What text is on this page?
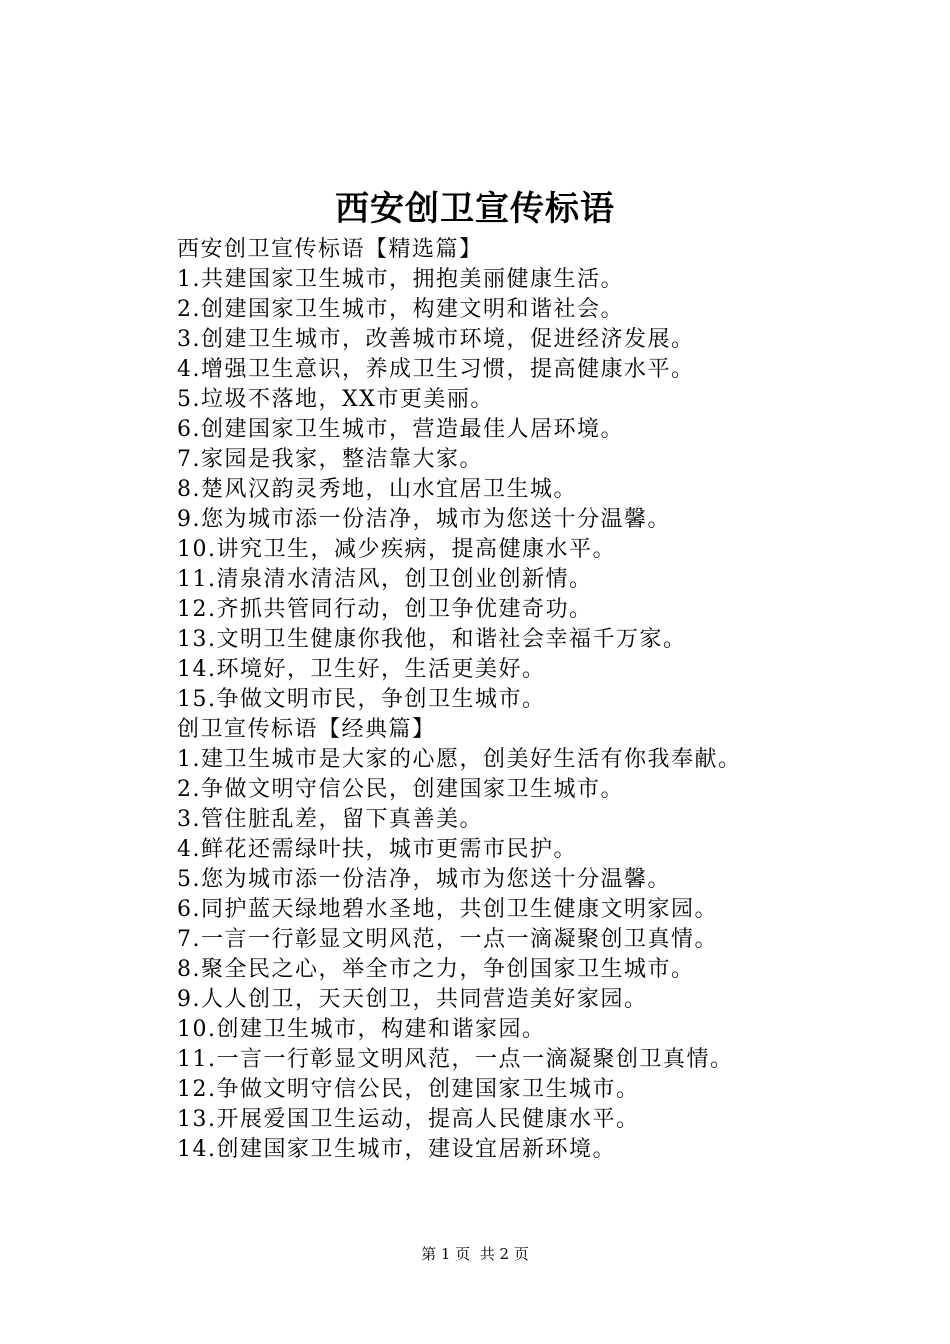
西安创卫宣传标语
西安创卫宣传标语【精选篇】
1.共建国家卫生城市，拥抱美丽健康生活。
2.创建国家卫生城市，构建文明和谐社会。
3.创建卫生城市，改善城市环境，促进经济发展。
4.增强卫生意识，养成卫生习惯，提高健康水平。
5.垃圾不落地，XX市更美丽。
6.创建国家卫生城市，营造最佳人居环境。
7.家园是我家，整洁靠大家。
8.楚风汉韵灵秀地，山水宜居卫生城。
9.您为城市添一份洁净，城市为您送十分温馨。
10.讲究卫生，减少疾病，提高健康水平。
11.清泉清水清洁风，创卫创业创新情。
12.齐抓共管同行动，创卫争优建奇功。
13.文明卫生健康你我他，和谐社会幸福千万家。
14.环境好，卫生好，生活更美好。
15.争做文明市民，争创卫生城市。
创卫宣传标语【经典篇】
1.建卫生城市是大家的心愿，创美好生活有你我奉献。
2.争做文明守信公民，创建国家卫生城市。
3.管住脏乱差，留下真善美。
4.鲜花还需绿叶扶，城市更需市民护。
5.您为城市添一份洁净，城市为您送十分温馨。
6.同护蓝天绿地碧水圣地，共创卫生健康文明家园。
7.一言一行彰显文明风范，一点一滴凝聚创卫真情。
8.聚全民之心，举全市之力，争创国家卫生城市。
9.人人创卫，天天创卫，共同营造美好家园。
10.创建卫生城市，构建和谐家园。
11.一言一行彰显文明风范，一点一滴凝聚创卫真情。
12.争做文明守信公民，创建国家卫生城市。
13.开展爱国卫生运动，提高人民健康水平。
14.创建国家卫生城市，建设宜居新环境。
第 1 页  共 2 页
